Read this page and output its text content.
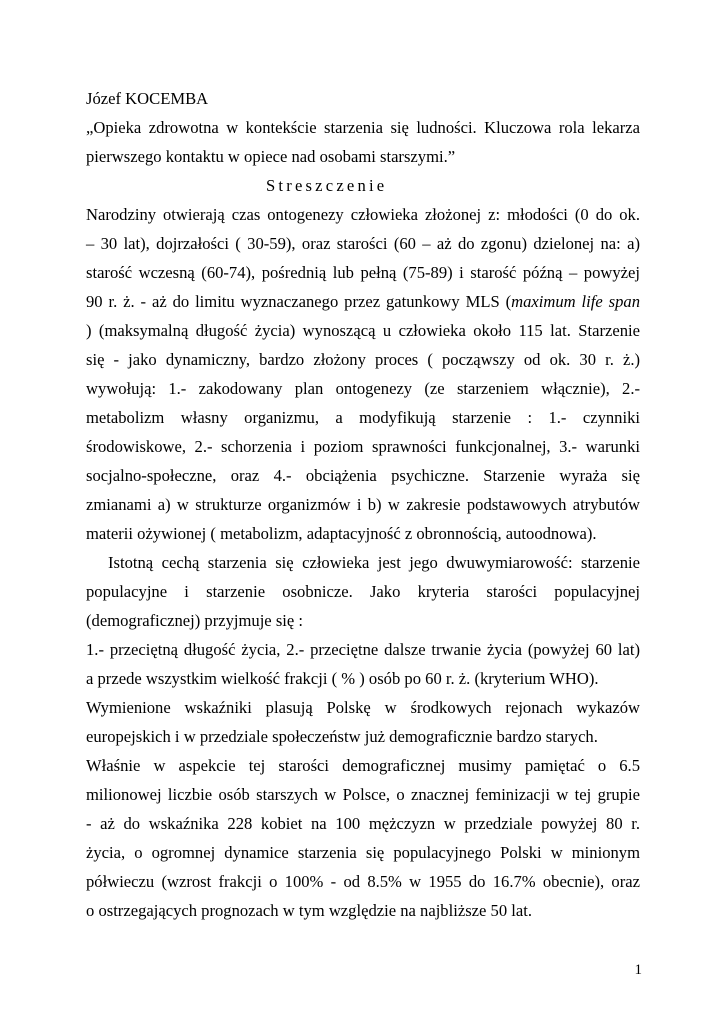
Józef KOCEMBA
„Opieka zdrowotna w kontekście starzenia się ludności. Kluczowa rola lekarza
pierwszego kontaktu w opiece nad osobami starszymi.”
Streszczenie
Narodziny otwierają czas ontogenezy człowieka złożonej z: młodości (0 do ok.
– 30 lat), dojrzałości ( 30-59), oraz starości (60 – aż do zgonu) dzielonej na: a)
starość wczesną (60-74), pośrednią lub pełną (75-89) i starość późną – powyżej
90 r. ż. - aż do limitu wyznaczanego przez gatunkowy MLS (maximum life span
) (maksymalną długość życia) wynoszącą u człowieka około 115 lat. Starzenie
się - jako dynamiczny, bardzo złożony proces ( począwszy od ok. 30 r. ż.)
wywołują: 1.- zakodowany plan ontogenezy (ze starzeniem włącznie), 2.-
metabolizm własny organizmu, a modyfikują starzenie : 1.- czynniki
środowiskowe, 2.- schorzenia i poziom sprawności funkcjonalnej, 3.- warunki
socjalno-społeczne, oraz 4.- obciążenia psychiczne. Starzenie wyraża się
zmianami a) w strukturze organizmów i b) w zakresie podstawowych atrybutów
materii ożywionej ( metabolizm, adaptacyjność z obronnością, autoodnowa).
Istotną cechą starzenia się człowieka jest jego dwuwymiarowość: starzenie
populacyjne i starzenie osobnicze. Jako kryteria starości populacyjnej
(demograficznej) przyjmuje się :
1.- przeciętną długość życia, 2.- przeciętne dalsze trwanie życia (powyżej 60 lat)
a przede wszystkim wielkość frakcji ( % ) osób po 60 r. ż. (kryterium WHO).
Wymienione wskaźniki plasują Polskę w środkowych rejonach wykazów
europejskich i w przedziale społeczeństw już demograficznie bardzo starych.
Właśnie w aspekcie tej starości demograficznej musimy pamiętać o 6.5
milionowej liczbie osób starszych w Polsce, o znacznej feminizacji w tej grupie
- aż do wskaźnika 228 kobiet na 100 mężczyzn w przedziale powyżej 80 r.
życia, o ogromnej dynamice starzenia się populacyjnego Polski w minionym
półwieczu (wzrost frakcji o 100% - od 8.5% w 1955 do 16.7% obecnie), oraz
o ostrzegających prognozach w tym względzie na najbliższe 50 lat.
1
